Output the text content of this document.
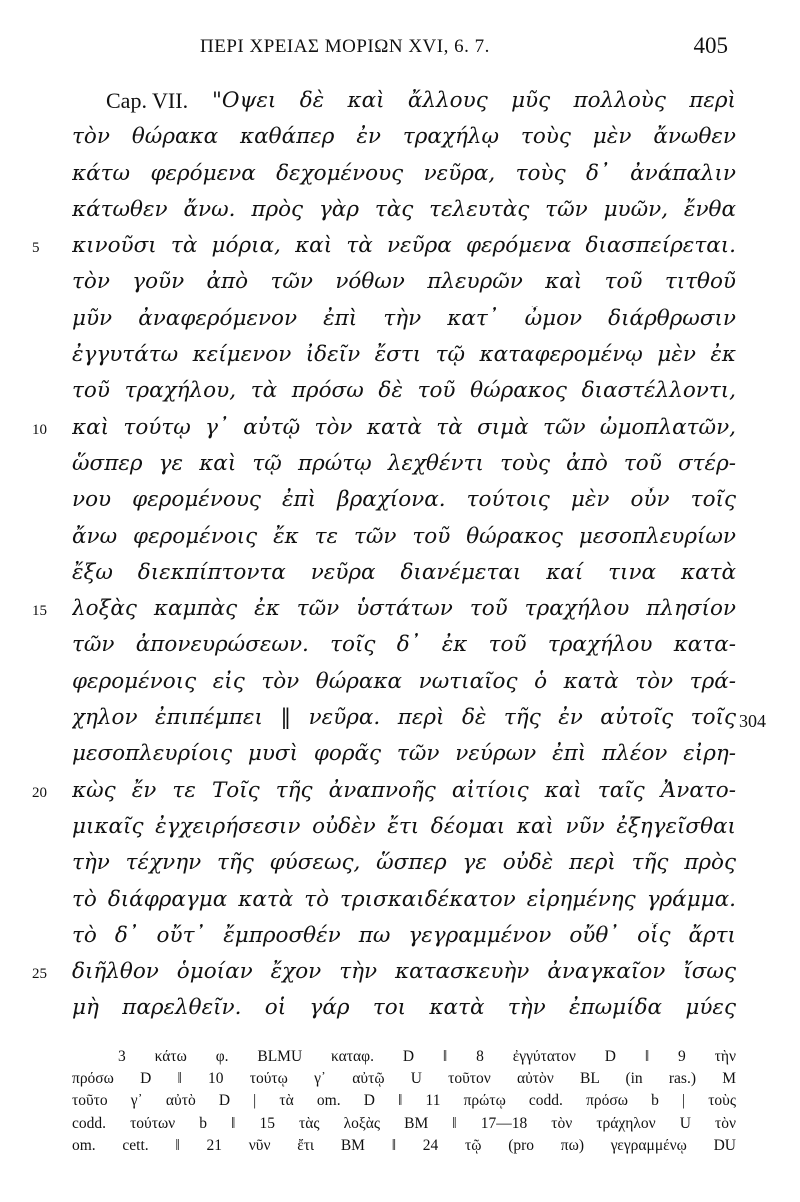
ΠΕΡΙ ΧΡΕΙΑΣ ΜΟΡΙΩΝ XVI, 6. 7.	405
Cap. VII. "Οψει δὲ καὶ ἄλλους μῦς πολλοὺς περὶ
τὸν θώρακα καθάπερ ἐν τραχήλῳ τοὺς μὲν ἄνωθεν
κάτω φερόμενα δεχομένους νεῦρα, τοὺς δ᾽ ἀνάπαλιν
κάτωθεν ἄνω. πρὸς γὰρ τὰς τελευτὰς τῶν μυῶν, ἔνθα
5 κινοῦσι τὰ μόρια, καὶ τὰ νεῦρα φερόμενα διασπείρεται.
τὸν γοῦν ἀπὸ τῶν νόθων πλευρῶν καὶ τοῦ τιτθοῦ
μῦν ἀναφερόμενον ἐπὶ τὴν κατ᾽ ὦμον διάρθρωσιν
ἐγγυτάτω κείμενον ἰδεῖν ἔστι τῷ καταφερομένῳ μὲν ἐκ
τοῦ τραχήλου, τὰ πρόσω δὲ τοῦ θώρακος διαστέλλοντι,
10 καὶ τούτῳ γ᾽ αὐτῷ τὸν κατὰ τὰ σιμὰ τῶν ὠμοπλατῶν,
ὥσπερ γε καὶ τῷ πρώτῳ λεχθέντι τοὺς ἀπὸ τοῦ στέρ-
νου φερομένους ἐπὶ βραχίονα. τούτοις μὲν οὖν τοῖς
ἄνω φερομένοις ἔκ τε τῶν τοῦ θώρακος μεσοπλευρίων
ἔξω διεκπίπτοντα νεῦρα διανέμεται καί τινα κατὰ
15 λοξὰς καμπὰς ἐκ τῶν ὑστάτων τοῦ τραχήλου πλησίον
τῶν ἀπονευρώσεων. τοῖς δ᾽ ἐκ τοῦ τραχήλου κατα-
φερομένοις εἰς τὸν θώρακα νωτιαῖος ὁ κατὰ τὸν τρά-
χηλον ἐπιπέμπει ‖ νεῦρα. περὶ δὲ τῆς ἐν αὐτοῖς τοῖς 304
μεσοπλευρίοις μυσὶ φορᾶς τῶν νεύρων ἐπὶ πλέον εἰρη-
20 κὼς ἔν τε Τοῖς τῆς ἀναπνοῆς αἰτίοις καὶ ταῖς Ἀνατο-
μικαῖς ἐγχειρήσεσιν οὐδὲν ἔτι δέομαι καὶ νῦν ἐξηγεῖσθαι
τὴν τέχνην τῆς φύσεως, ὥσπερ γε οὐδὲ περὶ τῆς πρὸς
τὸ διάφραγμα κατὰ τὸ τρισκαιδέκατον εἰρημένης γράμμα.
τὸ δ᾽ οὔτ᾽ ἔμπροσθέν πω γεγραμμένον οὔθ᾽ οἷς ἄρτι
25 διῆλθον ὁμοίαν ἔχον τὴν κατασκευὴν ἀναγκαῖον ἴσως
μὴ παρελθεῖν. οἱ γάρ τοι κατὰ τὴν ἐπωμίδα μύες
3 κάτω φ. BLMU καταφ. D ‖ 8 ἐγγύτατον D ‖ 9 τὴν
πρόσω D ‖ 10 τούτῳ γ᾽ αὐτῷ U τοῦτον αὐτὸν BL (in ras.) M
τοῦτο γ᾽ αὐτὸ D | τὰ om. D ‖ 11 πρώτῳ codd. πρόσω b | τοὺς
codd. τούτων b ‖ 15 τὰς λοξὰς BM ‖ 17—18 τὸν τράχηλον U τὸν
om. cett. ‖ 21 νῦν ἔτι BM ‖ 24 τῷ (pro πω) γεγραμμένῳ DU
